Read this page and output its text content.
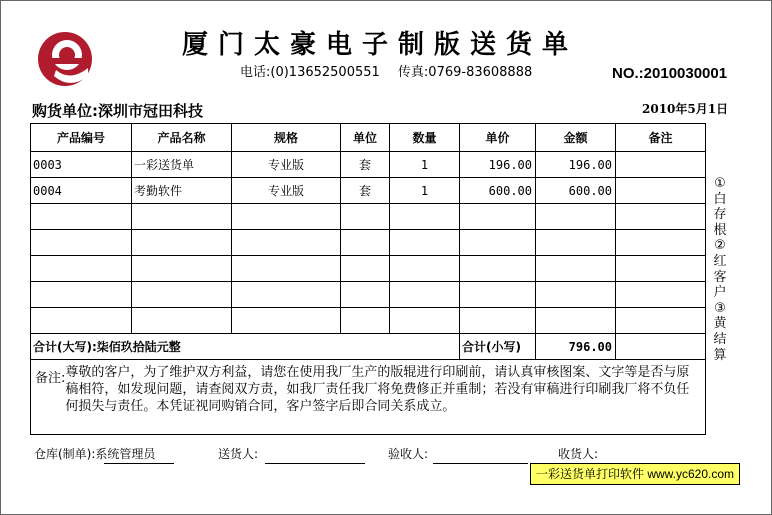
厦门太豪电子制版送货单
电话:(0)13652500551 传真:0769-83608888	NO.:2010030001
购货单位:深圳市冠田科技	2010年5月1日
产品编号	产品名称	规格	单位	数量	单价	金额	备注
0003	一彩送货单	专业版	套	1	196.00	196.00	
0004	考勤软件	专业版	套	1	600.00	600.00	

合计(大写):柒佰玖拾陆元整					合计(小写)	796.00	

备注: 尊敬的客户，为了维护双方利益，请您在使用我厂生产的版辊进行印刷前，请认真审核图案、文字等是否与原稿相符，如发现问题，请查阅双方责，如我厂责任我厂将免费修正并重制；若没有审稿进行印刷我厂将不负任何损失与责任。本凭证视同购销合同，客户签字后即合同关系成立。							
①白存根②红客户③黄结算
仓库(制单):系统管理员	送货人:	验收人:	收货人:
一彩送货单打印软件 www.yc620.com
